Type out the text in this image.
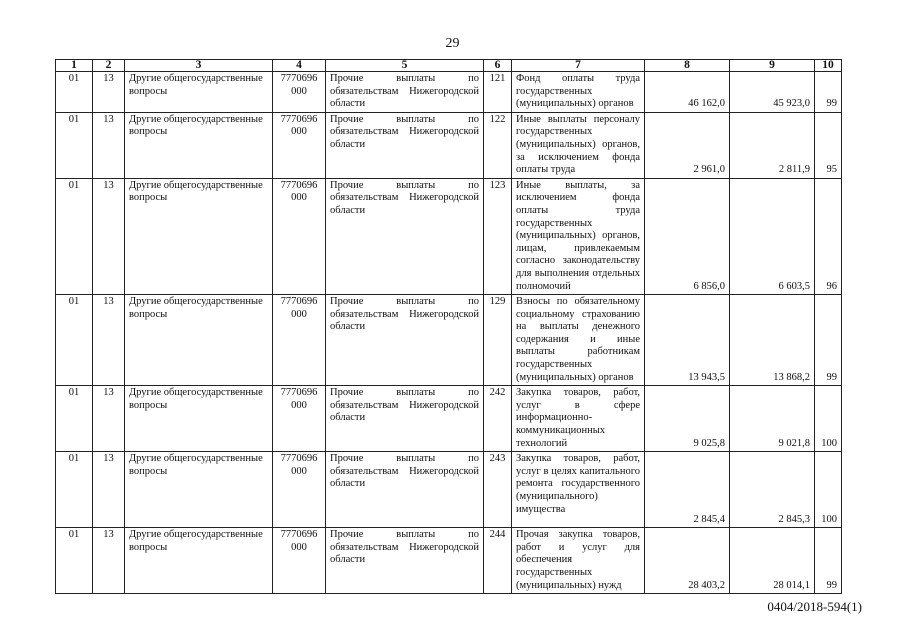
29
1	2	3	4	5	6	7	8	9	10
01	13	Другие общегосударственные вопросы	7770696 000	Прочие выплаты по обязательствам Нижегородской области	121	Фонд оплаты труда государственных (муниципальных) органов	46 162,0	45 923,0	99
01	13	Другие общегосударственные вопросы	7770696 000	Прочие выплаты по обязательствам Нижегородской области	122	Иные выплаты персоналу государственных (муниципальных) органов, за исключением фонда оплаты труда	2 961,0	2 811,9	95
01	13	Другие общегосударственные вопросы	7770696 000	Прочие выплаты по обязательствам Нижегородской области	123	Иные выплаты, за исключением фонда оплаты труда государственных (муниципальных) органов, лицам, привлекаемым согласно законодательству для выполнения отдельных полномочий	6 856,0	6 603,5	96
01	13	Другие общегосударственные вопросы	7770696 000	Прочие выплаты по обязательствам Нижегородской области	129	Взносы по обязательному социальному страхованию на выплаты денежного содержания и иные выплаты работникам государственных (муниципальных) органов	13 943,5	13 868,2	99
01	13	Другие общегосударственные вопросы	7770696 000	Прочие выплаты по обязательствам Нижегородской области	242	Закупка товаров, работ, услуг в сфере информационно-коммуникационных технологий	9 025,8	9 021,8	100
01	13	Другие общегосударственные вопросы	7770696 000	Прочие выплаты по обязательствам Нижегородской области	243	Закупка товаров, работ, услуг в целях капитального ремонта государственного (муниципального) имущества	2 845,4	2 845,3	100
01	13	Другие общегосударственные вопросы	7770696 000	Прочие выплаты по обязательствам Нижегородской области	244	Прочая закупка товаров, работ и услуг для обеспечения государственных (муниципальных) нужд	28 403,2	28 014,1	99
0404/2018-594(1)
